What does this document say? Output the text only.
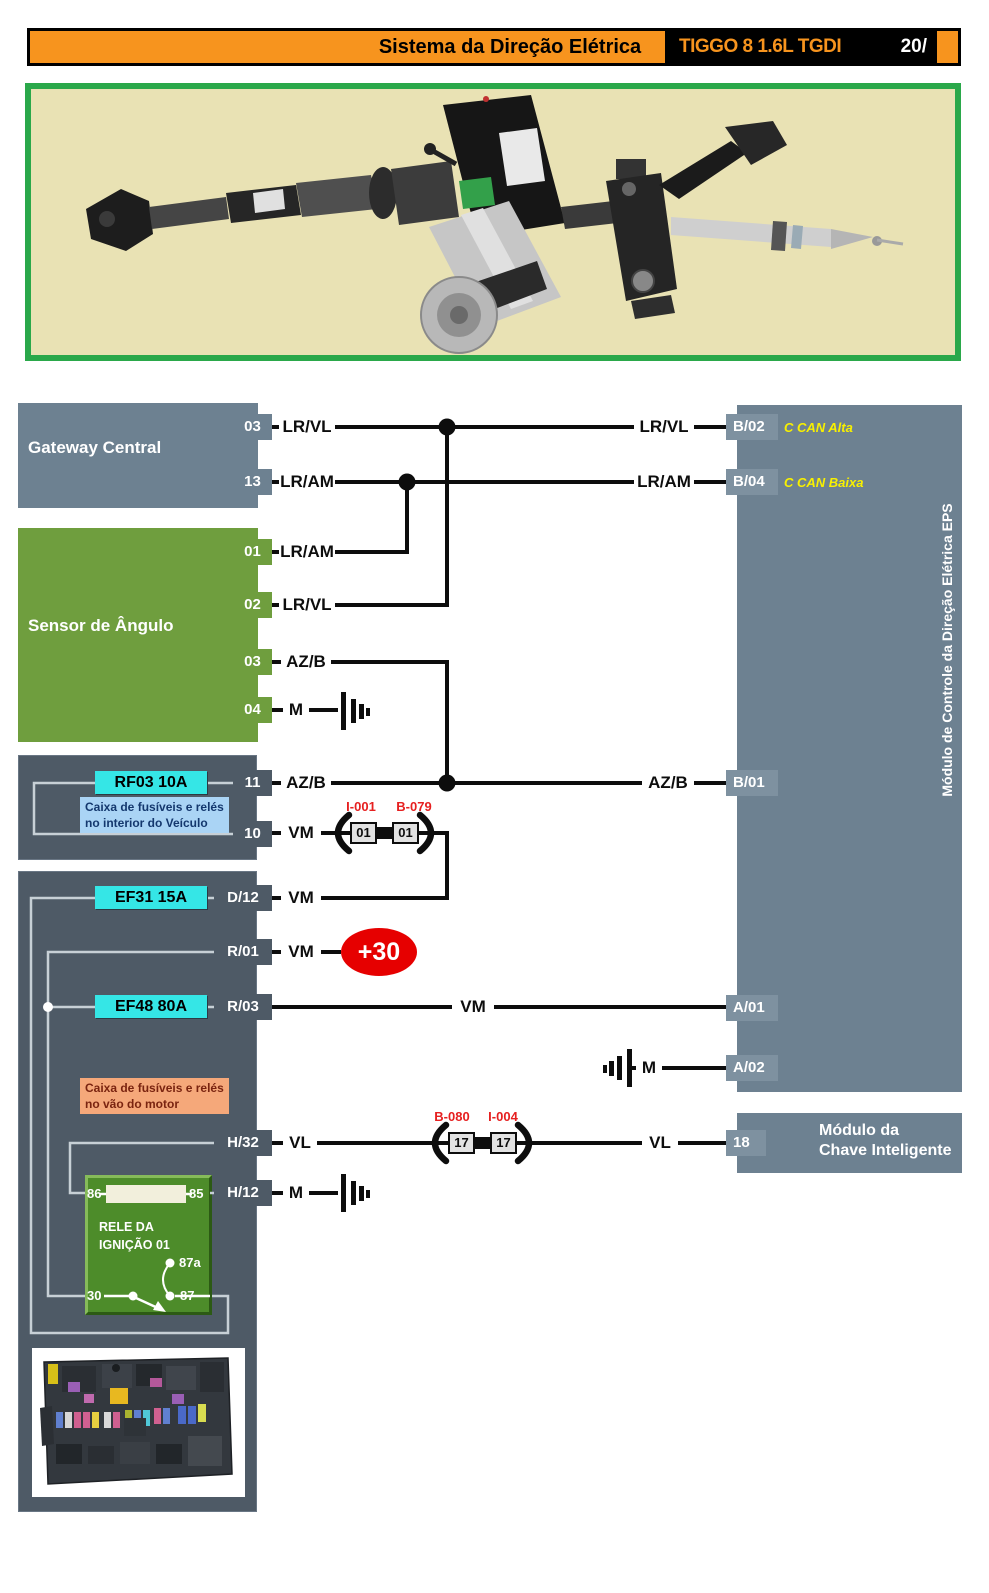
Sistema da Direção Elétrica	TIGGO 8 1.6L TGDI	20/
Gateway Central
Sensor de Ângulo	Módulo de Controle da Direção Elétrica EPS
Módulo da
Chave Inteligente
03
13
01
02
03
04
11
10
D/12
R/01
R/03
H/32
H/12
B/02
B/04
B/01
A/01
A/02
18
C CAN Alta
C CAN Baixa
LR/VL
LR/AM
LR/AM
LR/VL
AZ/B
M
AZ/B
VM
VM
VM
VL
M
LR/VL
LR/AM
AZ/B
VM
M
VL
I-001	B-079
01	01
B-080	I-004
17	17
RF03 10A
Caixa de fusíveis e relés
no interior do Veículo
EF31 15A
EF48 80A
Caixa de fusíveis e relés
no vão do motor
+30
86	85
RELE DA
IGNIÇÃO 01
87a
30	87
